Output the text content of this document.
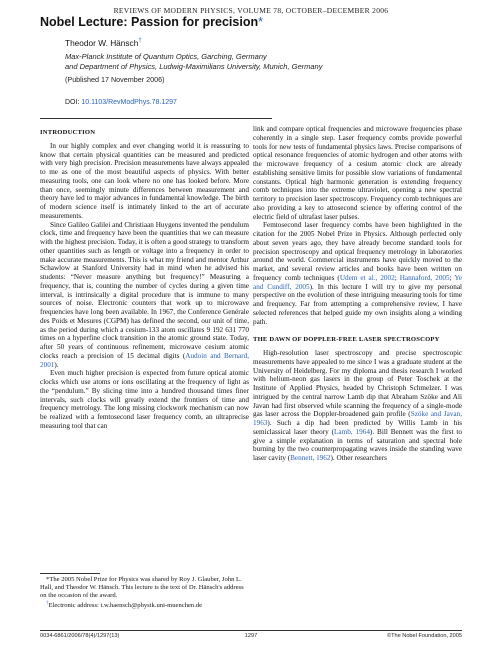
REVIEWS OF MODERN PHYSICS, VOLUME 78, OCTOBER–DECEMBER 2006
Nobel Lecture: Passion for precision*
Theodor W. Hänsch†
Max-Planck Institute of Quantum Optics, Garching, Germany
and Department of Physics, Ludwig-Maximilians University, Munich, Germany
(Published 17 November 2006)
DOI: 10.1103/RevModPhys.78.1297
INTRODUCTION

In our highly complex and ever changing world it is reassuring to know that certain physical quantities can be measured and predicted with very high precision. Precision measurements have always appealed to me as one of the most beautiful aspects of physics. With better measuring tools, one can look where no one has looked before. More than once, seemingly minute differences between measurement and theory have led to major advances in fundamental knowledge. The birth of modern science itself is intimately linked to the art of accurate measurements.

Since Galileo Galilei and Christiaan Huygens invented the pendulum clock, time and frequency have been the quantities that we can measure with the highest precision. Today, it is often a good strategy to transform other quantities such as length or voltage into a frequency in order to make accurate measurements. This is what my friend and mentor Arthur Schawlow at Stanford University had in mind when he advised his students: “Never measure anything but frequency!” Measuring a frequency, that is, counting the number of cycles during a given time interval, is intrinsically a digital procedure that is immune to many sources of noise. Electronic counters that work up to microwave frequencies have long been available. In 1967, the Conference Genérale des Poids et Mesures (CGPM) has defined the second, our unit of time, as the period during which a cesium-133 atom oscillates 9 192 631 770 times on a hyperfine clock transition in the atomic ground state. Today, after 50 years of continuous refinement, microwave cesium atomic clocks reach a precision of 15 decimal digits (Audoin and Bernard, 2001).

Even much higher precision is expected from future optical atomic clocks which use atoms or ions oscillating at the frequency of light as the “pendulum.” By slicing time into a hundred thousand times finer intervals, such clocks will greatly extend the frontiers of time and frequency metrology. The long missing clockwork mechanism can now be realized with a femtosecond laser frequency comb, an ultraprecise measuring tool that can

link and compare optical frequencies and microwave frequencies phase coherently in a single step. Laser frequency combs provide powerful tools for new tests of fundamental physics laws. Precise comparisons of optical resonance frequencies of atomic hydrogen and other atoms with the microwave frequency of a cesium atomic clock are already establishing sensitive limits for possible slow variations of fundamental constants. Optical high harmonic generation is extending frequency comb techniques into the extreme ultraviolet, opening a new spectral territory to precision laser spectroscopy. Frequency comb techniques are also providing a key to attosecond science by offering control of the electric field of ultrafast laser pulses.

Femtosecond laser frequency combs have been highlighted in the citation for the 2005 Nobel Prize in Physics. Although perfected only about seven years ago, they have already become standard tools for precision spectroscopy and optical frequency metrology in laboratories around the world. Commercial instruments have quickly moved to the market, and several review articles and books have been written on frequency comb techniques (Udem et al., 2002; Hannaford, 2005; Ye and Cundiff, 2005). In this lecture I will try to give my personal perspective on the evolution of these intriguing measuring tools for time and frequency. Far from attempting a comprehensive review, I have selected references that helped guide my own insights along a winding path.

THE DAWN OF DOPPLER-FREE LASER SPECTROSCOPY

High-resolution laser spectroscopy and precise spectroscopic measurements have appealed to me since I was a graduate student at the University of Heidelberg. For my diploma and thesis research I worked with helium-neon gas lasers in the group of Peter Toschek at the Institute of Applied Physics, headed by Christoph Schmelzer. I was intrigued by the central narrow Lamb dip that Abraham Szöke and Ali Javan had first observed while scanning the frequency of a single-mode gas laser across the Doppler-broadened gain profile (Szöke and Javan, 1963). Such a dip had been predicted by Willis Lamb in his semiclassical laser theory (Lamb, 1964). Bill Bennett was the first to give a simple explanation in terms of saturation and spectral hole burning by the two counterpropagating waves inside the standing wave laser cavity (Bennett, 1962). Other researchers

*The 2005 Nobel Prize for Physics was shared by Roy J. Glauber, John L. Hall, and Theodor W. Hänsch. This lecture is the text of Dr. Hänsch's address on the occasion of the award.

†Electronic address: t.w.haensch@physik.uni-muenchen.de

0034-6861/2006/78(4)/1297(13)	1297	©The Nobel Foundation, 2005
